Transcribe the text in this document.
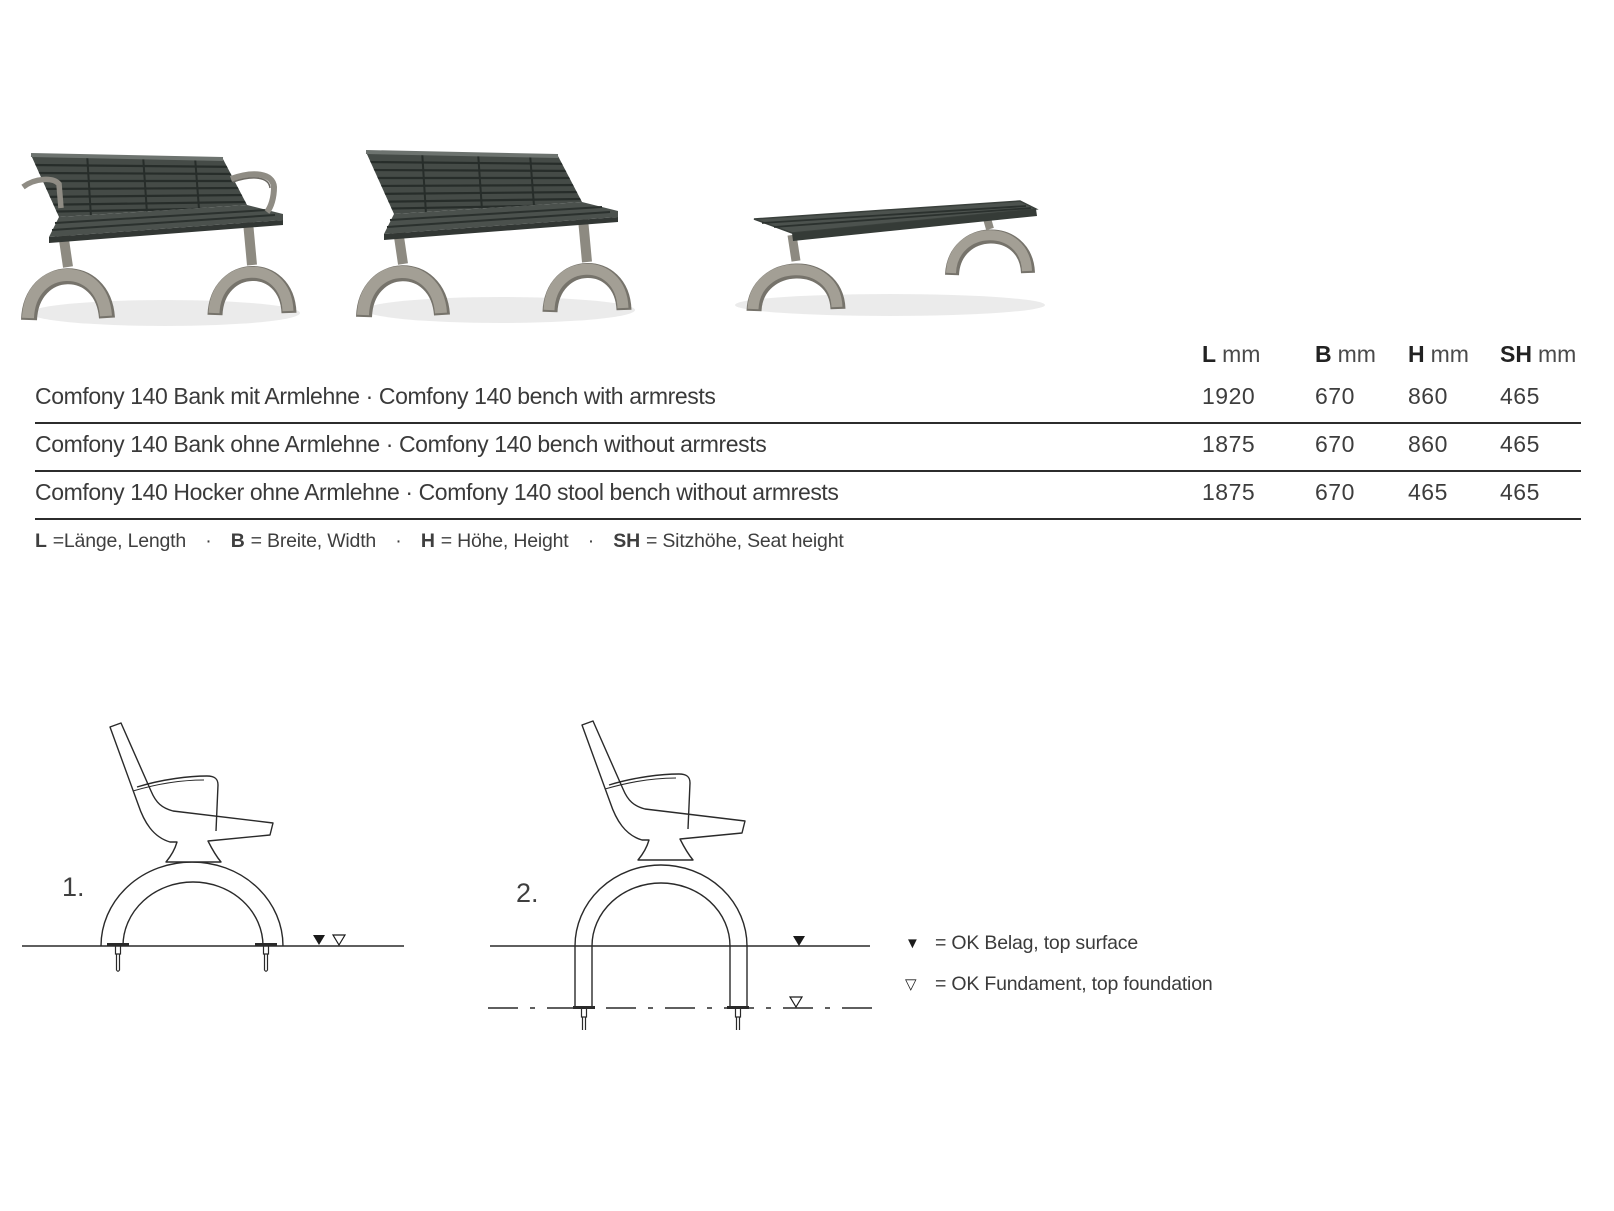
L mm	B mm	H mm	SH mm
Comfony 140 Bank mit Armlehne · Comfony 140 bench with armrests	1920	670	860	465
Comfony 140 Bank ohne Armlehne · Comfony 140 bench without armrests	1875	670	860	465
Comfony 140 Hocker ohne Armlehne · Comfony 140 stool bench without armrests	1875	670	465	465
L =Länge, Length · B = Breite, Width · H = Höhe, Height · SH = Sitzhöhe, Seat height
1.	2.
▼ = OK Belag, top surface
▽ = OK Fundament, top foundation
